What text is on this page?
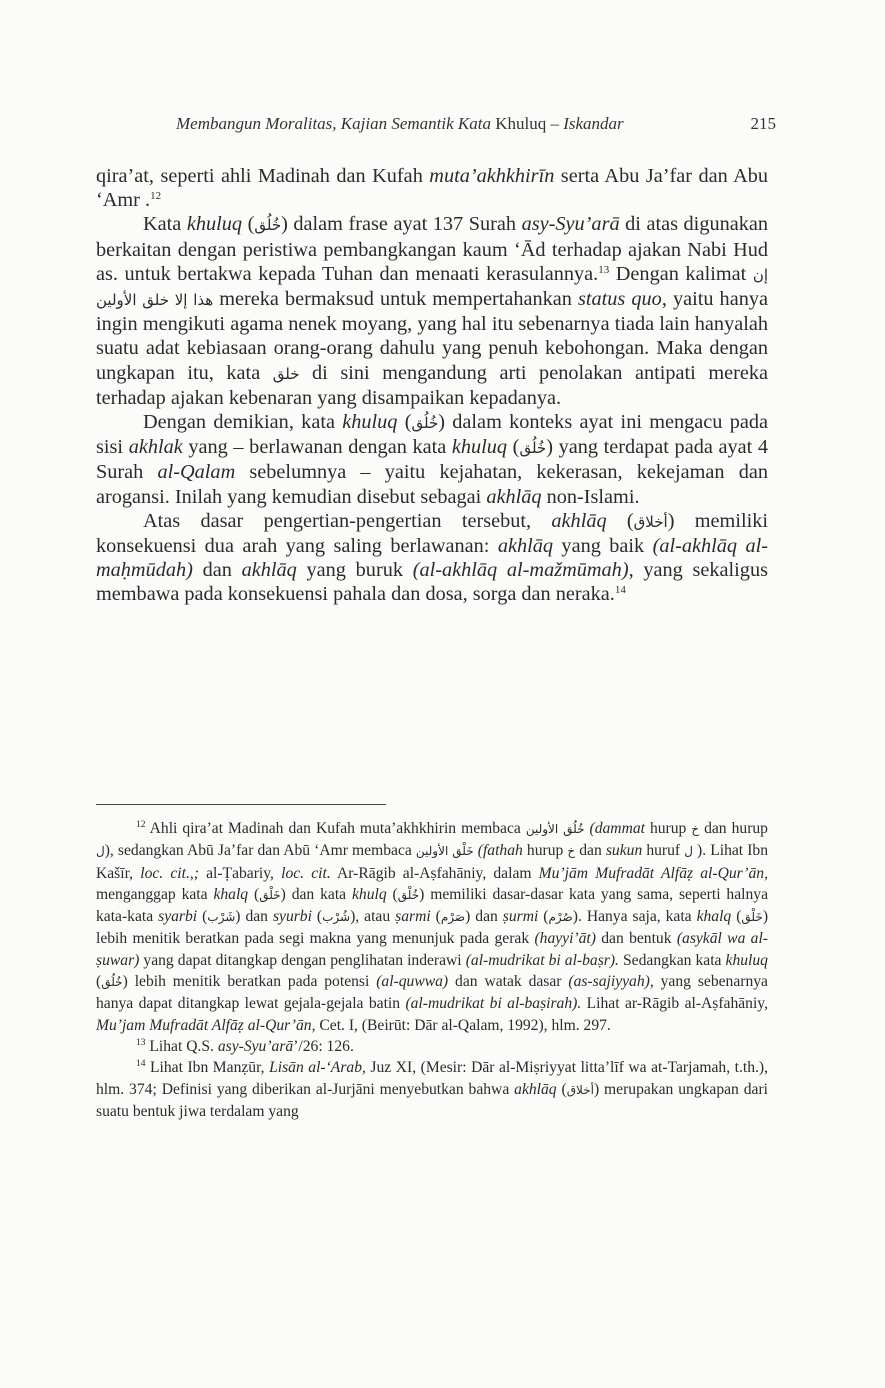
Membangun Moralitas, Kajian Semantik Kata Khuluq – Iskandar	215

qira’at, seperti ahli Madinah dan Kufah muta’akhkhirīn serta Abu Ja’far dan Abu ‘Amr .$^{12}$

Kata khuluq (خُلُق) dalam frase ayat 137 Surah asy-Syu’arā di atas digunakan berkaitan dengan peristiwa pembangkangan kaum ‘Ād terhadap ajakan Nabi Hud as. untuk bertakwa kepada Tuhan dan menaati kerasulannya.$^{13}$ Dengan kalimat إن هذا إلا خلق الأولين mereka bermaksud untuk mempertahankan status quo, yaitu hanya ingin mengikuti agama nenek moyang, yang hal itu sebenarnya tiada lain hanyalah suatu adat kebiasaan orang-orang dahulu yang penuh kebohongan. Maka dengan ungkapan itu, kata خلق di sini mengandung arti penolakan antipati mereka terhadap ajakan kebenaran yang disampaikan kepadanya.

Dengan demikian, kata khuluq (خُلُق) dalam konteks ayat ini mengacu pada sisi akhlak yang – berlawanan dengan kata khuluq (خُلُق) yang terdapat pada ayat 4 Surah al-Qalam sebelumnya – yaitu kejahatan, kekerasan, kekejaman dan arogansi. Inilah yang kemudian disebut sebagai akhlāq non-Islami.

Atas dasar pengertian-pengertian tersebut, akhlāq (أخلاق) memiliki konsekuensi dua arah yang saling berlawanan: akhlāq yang baik (al-akhlāq al-maḥmūdah) dan akhlāq yang buruk (al-akhlāq al-mažmūmah), yang sekaligus membawa pada konsekuensi pahala dan dosa, sorga dan neraka.$^{14}$

$^{12}$ Ahli qira’at Madinah dan Kufah muta’akhkhirin membaca خُلُق الأولين (dammat hurup خ dan hurup ل), sedangkan Abū Ja’far dan Abū ‘Amr membaca خَلْق الأولين (fathah hurup خ dan sukun huruf ل ). Lihat Ibn Kašīr, loc. cit.,; al-Ṭabariy, loc. cit. Ar-Rāgib al-Aṣfahāniy, dalam Mu’jām Mufradāt Alfāẓ al-Qur’ān, menganggap kata khalq (خَلْق) dan kata khulq (خُلْق) memiliki dasar-dasar kata yang sama, seperti halnya kata-kata syarbi (شَرْب) dan syurbi (شُرْب), atau ṣarmi (صَرْم) dan ṣurmi (صُرْم). Hanya saja, kata khalq (خَلْق) lebih menitik beratkan pada segi makna yang menunjuk pada gerak (hayyi’āt) dan bentuk (asykāl wa al-ṣuwar) yang dapat ditangkap dengan penglihatan inderawi (al-mudrikat bi al-baṣr). Sedangkan kata khuluq (خُلُق) lebih menitik beratkan pada potensi (al-quwwa) dan watak dasar (as-sajiyyah), yang sebenarnya hanya dapat ditangkap lewat gejala-gejala batin (al-mudrikat bi al-baṣirah). Lihat ar-Rāgib al-Aṣfahāniy, Mu’jam Mufradāt Alfāẓ al-Qur’ān, Cet. I, (Beirūt: Dār al-Qalam, 1992), hlm. 297.

$^{13}$ Lihat Q.S. asy-Syu’arā’/26: 126.

$^{14}$ Lihat Ibn Manẓūr, Lisān al-‘Arab, Juz XI, (Mesir: Dār al-Miṣriyyat litta’līf wa at-Tarjamah, t.th.), hlm. 374; Definisi yang diberikan al-Jurjāni menyebutkan bahwa akhlāq (أخلاق) merupakan ungkapan dari suatu bentuk jiwa terdalam yang
